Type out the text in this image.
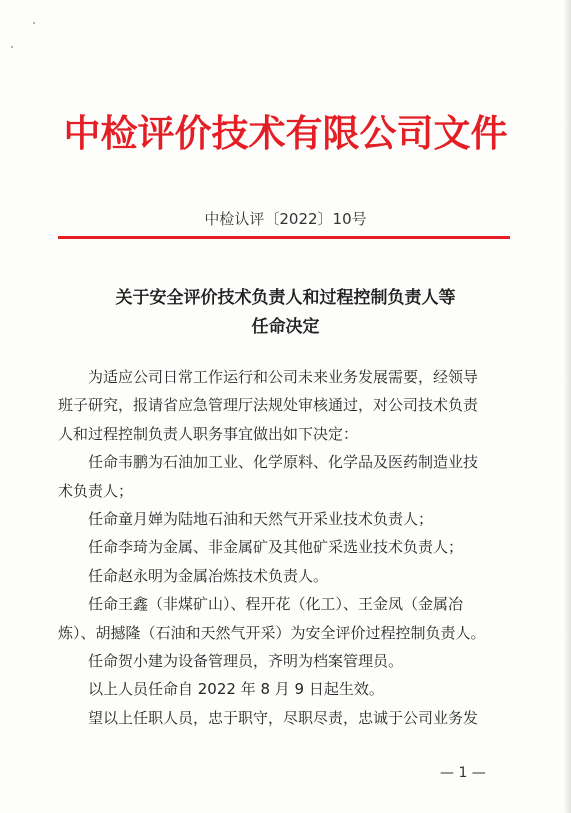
中检评价技术有限公司文件
中检认评〔2022〕10号
关于安全评价技术负责人和过程控制负责人等
任命决定

为适应公司日常工作运行和公司未来业务发展需要，经领导
班子研究，报请省应急管理厅法规处审核通过，对公司技术负责
人和过程控制负责人职务事宜做出如下决定：

任命韦鹏为石油加工业、化学原料、化学品及医药制造业技
术负责人；

任命童月婵为陆地石油和天然气开采业技术负责人；

任命李琦为金属、非金属矿及其他矿采选业技术负责人；

任命赵永明为金属冶炼技术负责人。

任命王鑫（非煤矿山）、程开花（化工）、王金凤（金属冶
炼）、胡撼隆（石油和天然气开采）为安全评价过程控制负责人。

任命贺小建为设备管理员，齐明为档案管理员。

以上人员任命自 2022 年 8 月 9 日起生效。

望以上任职人员，忠于职守，尽职尽责，忠诚于公司业务发

— 1 —
